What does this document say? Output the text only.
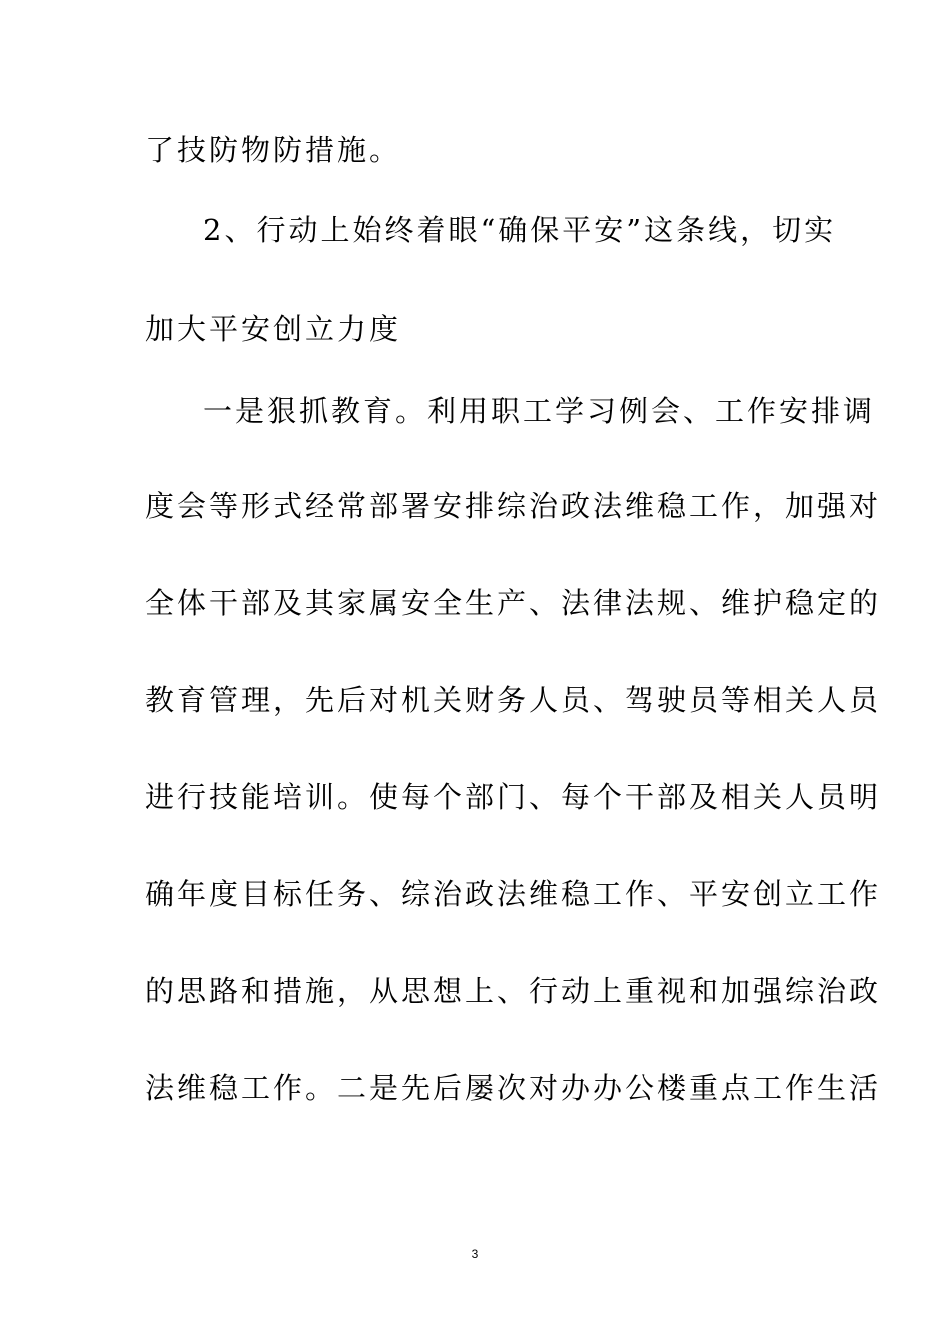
了技防物防措施。
2、行动上始终着眼“确保平安”这条线，切实
加大平安创立力度
一是狠抓教育。利用职工学习例会、工作安排调
度会等形式经常部署安排综治政法维稳工作，加强对
全体干部及其家属安全生产、法律法规、维护稳定的
教育管理，先后对机关财务人员、驾驶员等相关人员
进行技能培训。使每个部门、每个干部及相关人员明
确年度目标任务、综治政法维稳工作、平安创立工作
的思路和措施，从思想上、行动上重视和加强综治政
法维稳工作。二是先后屡次对办办公楼重点工作生活
3
